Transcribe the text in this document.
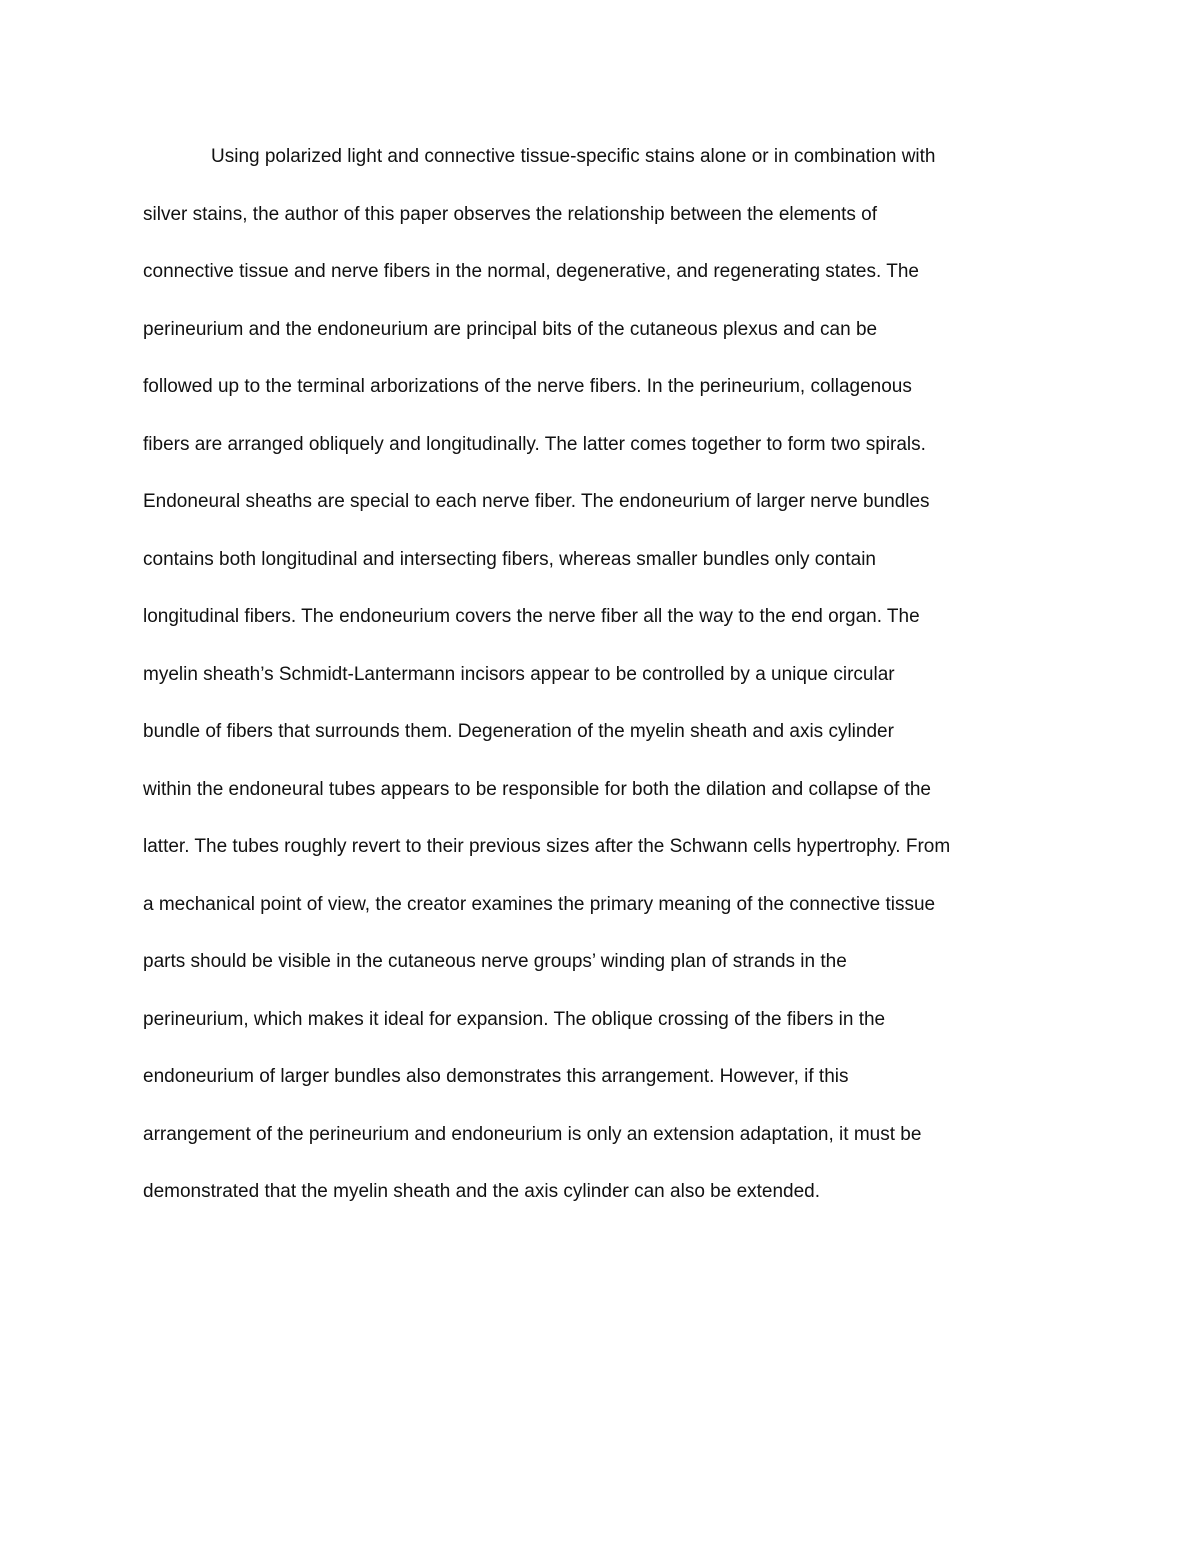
Using polarized light and connective tissue-specific stains alone or in combination with
silver stains, the author of this paper observes the relationship between the elements of
connective tissue and nerve fibers in the normal, degenerative, and regenerating states. The
perineurium and the endoneurium are principal bits of the cutaneous plexus and can be
followed up to the terminal arborizations of the nerve fibers. In the perineurium, collagenous
fibers are arranged obliquely and longitudinally. The latter comes together to form two spirals.
Endoneural sheaths are special to each nerve fiber. The endoneurium of larger nerve bundles
contains both longitudinal and intersecting fibers, whereas smaller bundles only contain
longitudinal fibers. The endoneurium covers the nerve fiber all the way to the end organ. The
myelin sheath’s Schmidt-Lantermann incisors appear to be controlled by a unique circular
bundle of fibers that surrounds them. Degeneration of the myelin sheath and axis cylinder
within the endoneural tubes appears to be responsible for both the dilation and collapse of the
latter. The tubes roughly revert to their previous sizes after the Schwann cells hypertrophy. From
a mechanical point of view, the creator examines the primary meaning of the connective tissue
parts should be visible in the cutaneous nerve groups’ winding plan of strands in the
perineurium, which makes it ideal for expansion. The oblique crossing of the fibers in the
endoneurium of larger bundles also demonstrates this arrangement. However, if this
arrangement of the perineurium and endoneurium is only an extension adaptation, it must be
demonstrated that the myelin sheath and the axis cylinder can also be extended.
